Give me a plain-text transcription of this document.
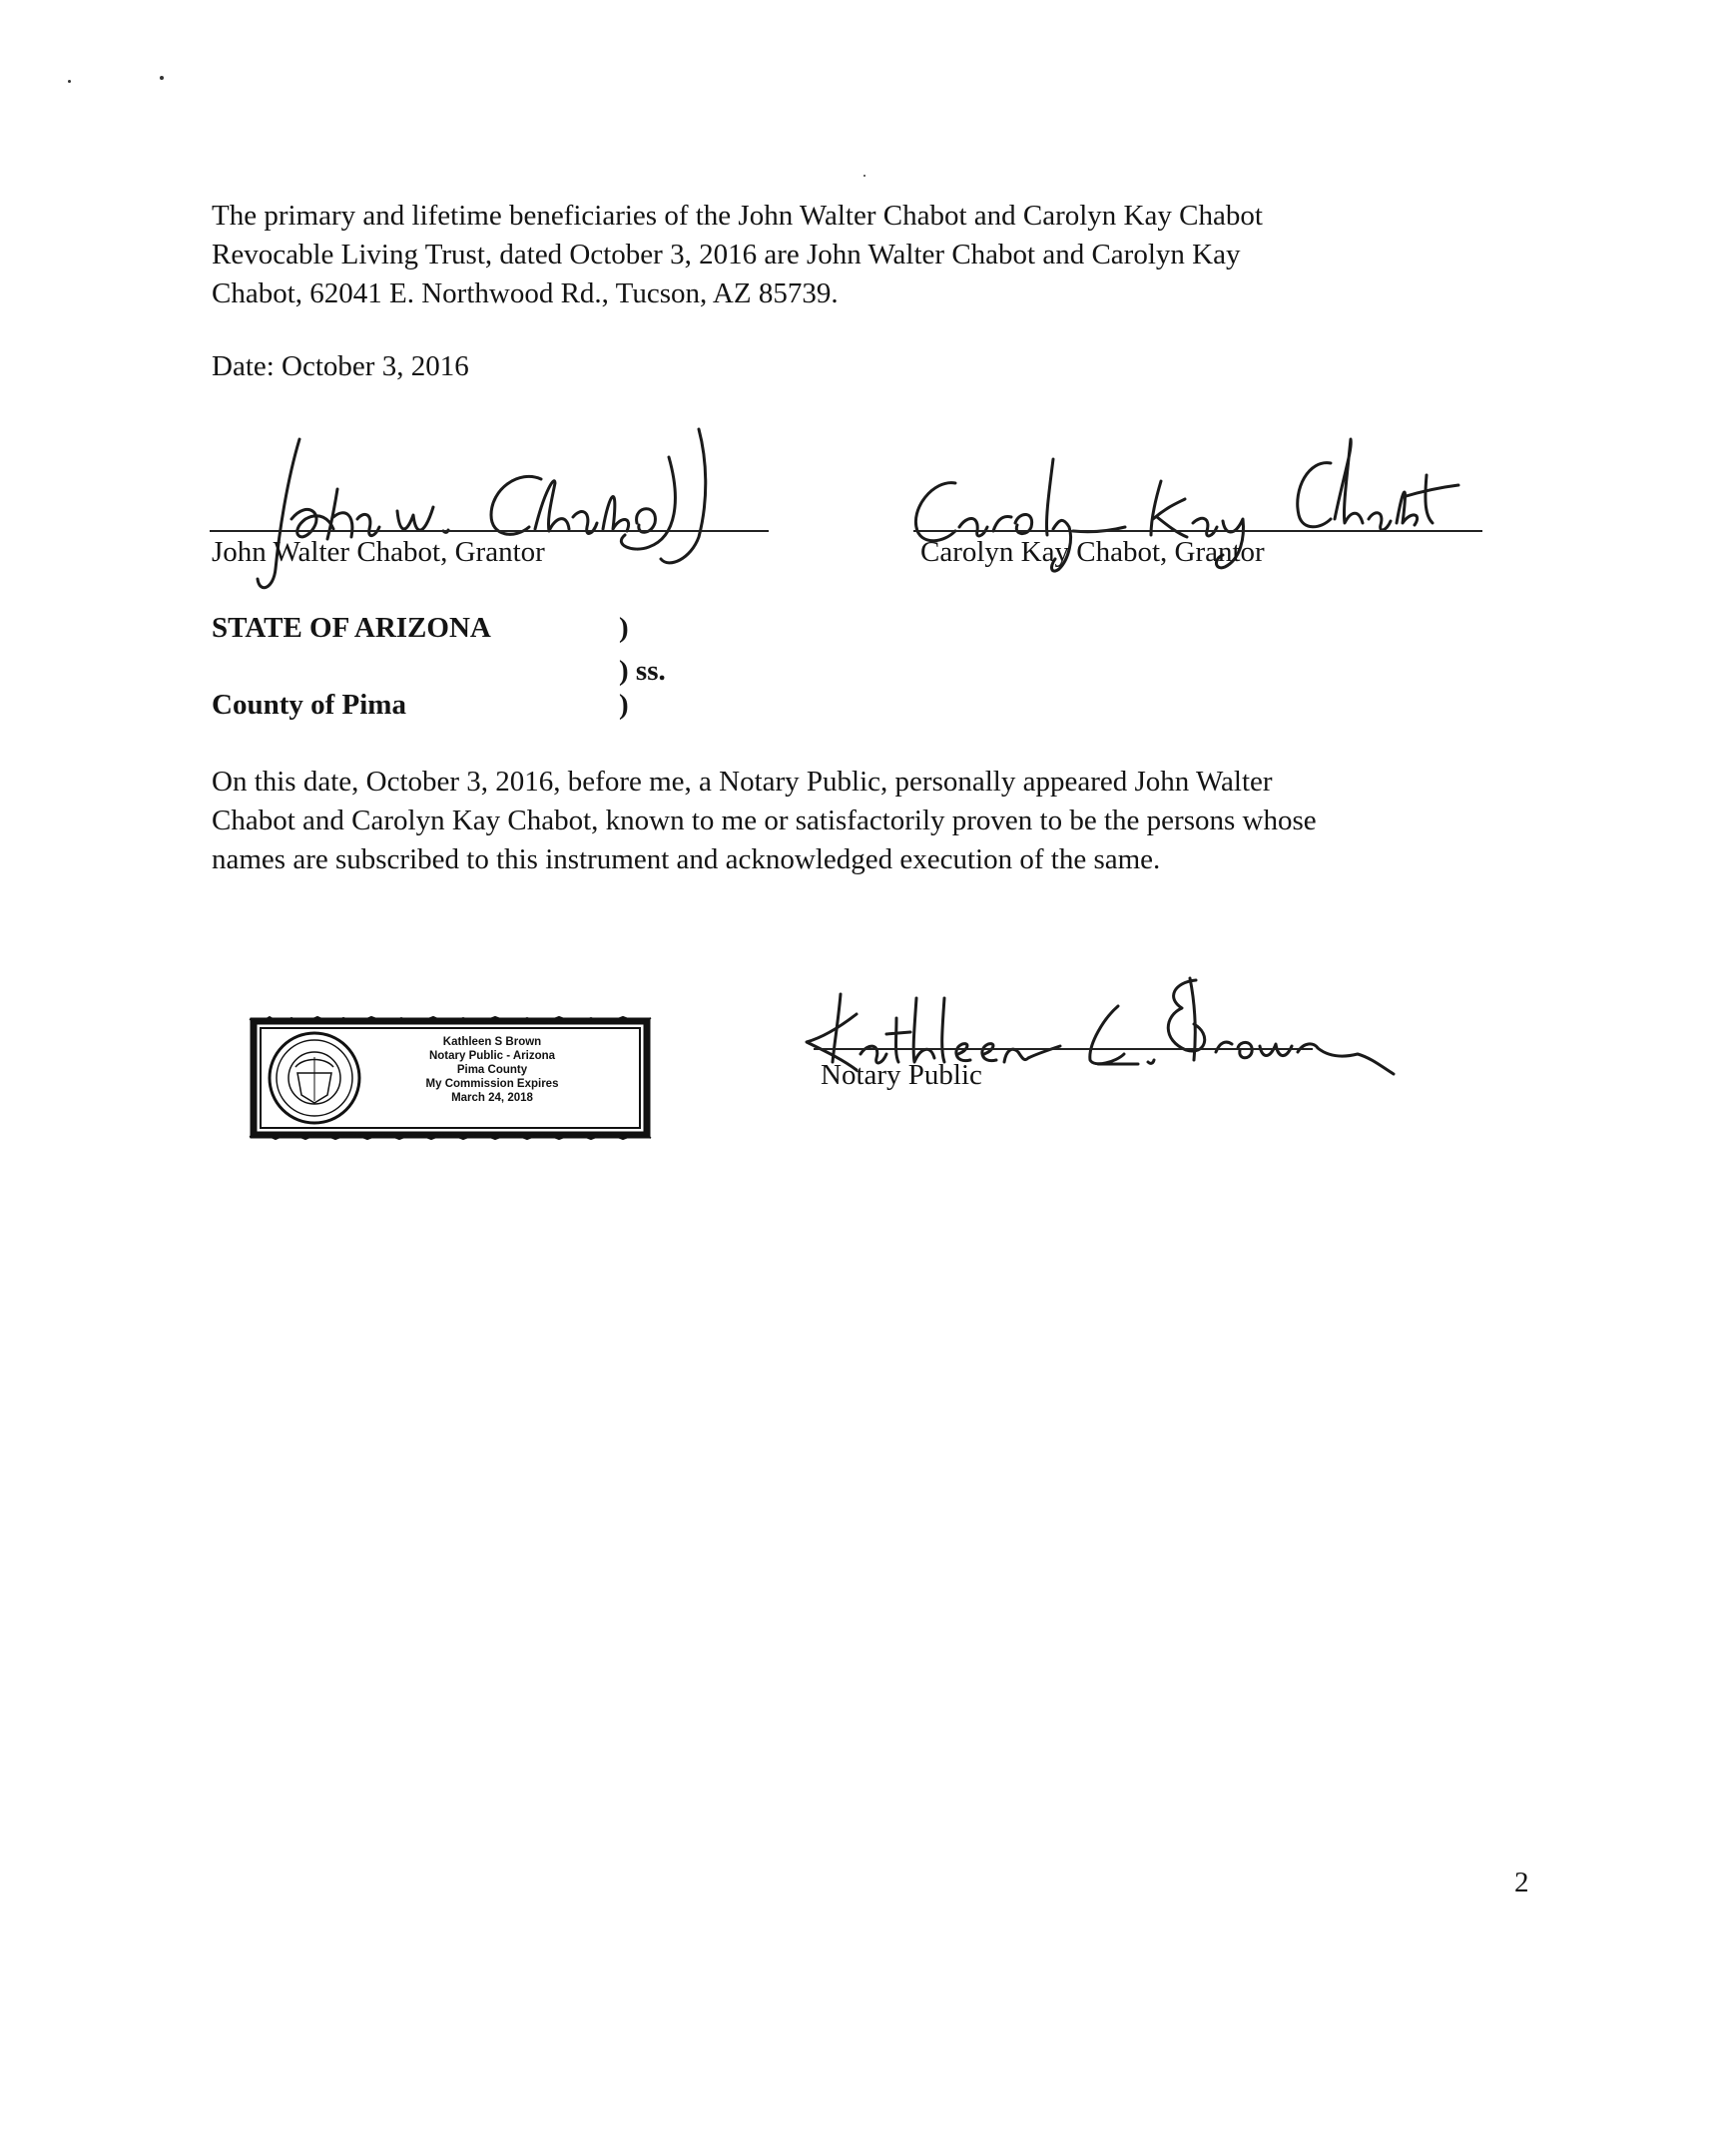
The primary and lifetime beneficiaries of the John Walter Chabot and Carolyn Kay Chabot
Revocable Living Trust, dated October 3, 2016 are John Walter Chabot and Carolyn Kay
Chabot, 62041 E. Northwood Rd., Tucson, AZ 85739.

Date: October 3, 2016

John Walter Chabot, Grantor	Carolyn Kay Chabot, Grantor
STATE OF ARIZONA	)
) ss.
County of Pima	)

On this date, October 3, 2016, before me, a Notary Public, personally appeared John Walter
Chabot and Carolyn Kay Chabot, known to me or satisfactorily proven to be the persons whose
names are subscribed to this instrument and acknowledged execution of the same.

Kathleen S Brown
Notary Public - Arizona
Pima County
My Commission Expires
March 24, 2018
Notary Public
2
